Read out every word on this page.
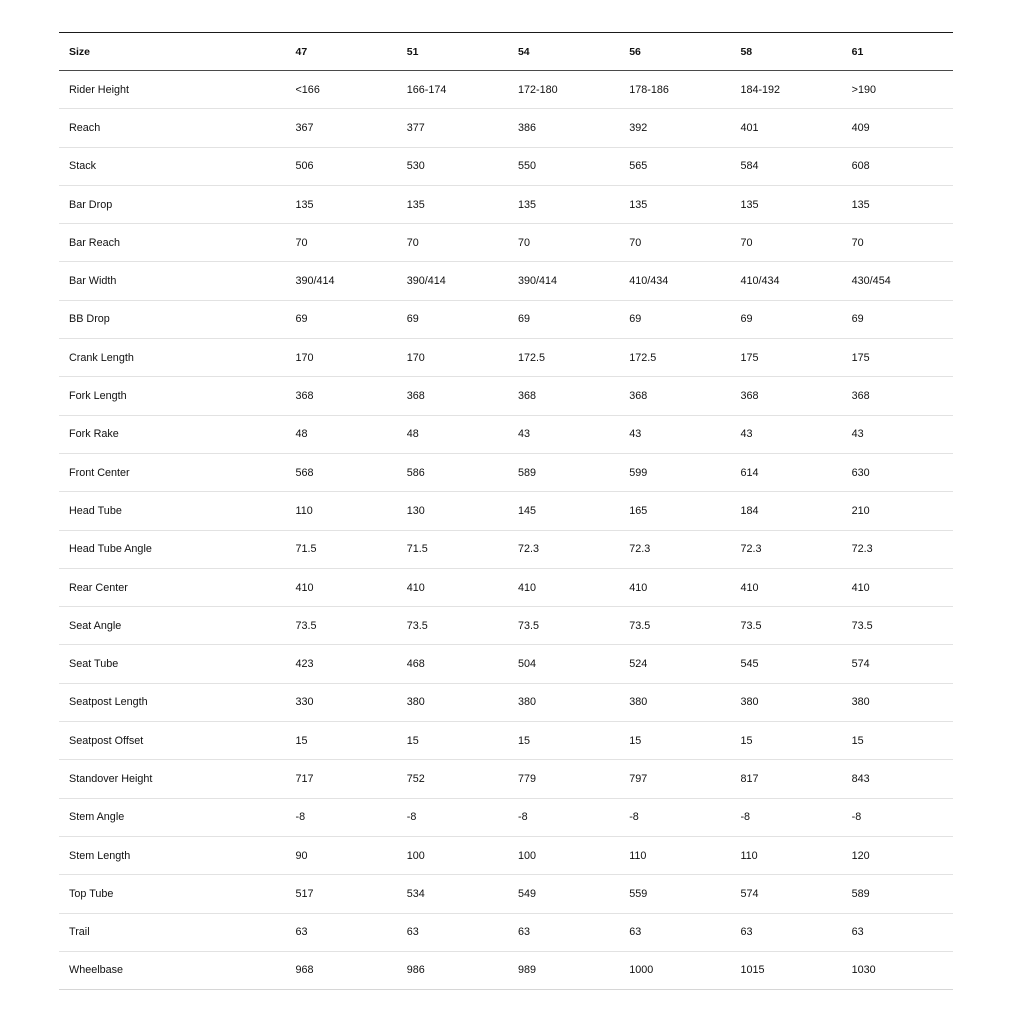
Size	47	51	54	56	58	61
Rider Height	<166	166-174	172-180	178-186	184-192	>190
Reach	367	377	386	392	401	409
Stack	506	530	550	565	584	608
Bar Drop	135	135	135	135	135	135
Bar Reach	70	70	70	70	70	70
Bar Width	390/414	390/414	390/414	410/434	410/434	430/454
BB Drop	69	69	69	69	69	69
Crank Length	170	170	172.5	172.5	175	175
Fork Length	368	368	368	368	368	368
Fork Rake	48	48	43	43	43	43
Front Center	568	586	589	599	614	630
Head Tube	110	130	145	165	184	210
Head Tube Angle	71.5	71.5	72.3	72.3	72.3	72.3
Rear Center	410	410	410	410	410	410
Seat Angle	73.5	73.5	73.5	73.5	73.5	73.5
Seat Tube	423	468	504	524	545	574
Seatpost Length	330	380	380	380	380	380
Seatpost Offset	15	15	15	15	15	15
Standover Height	717	752	779	797	817	843
Stem Angle	-8	-8	-8	-8	-8	-8
Stem Length	90	100	100	110	110	120
Top Tube	517	534	549	559	574	589
Trail	63	63	63	63	63	63
Wheelbase	968	986	989	1000	1015	1030
